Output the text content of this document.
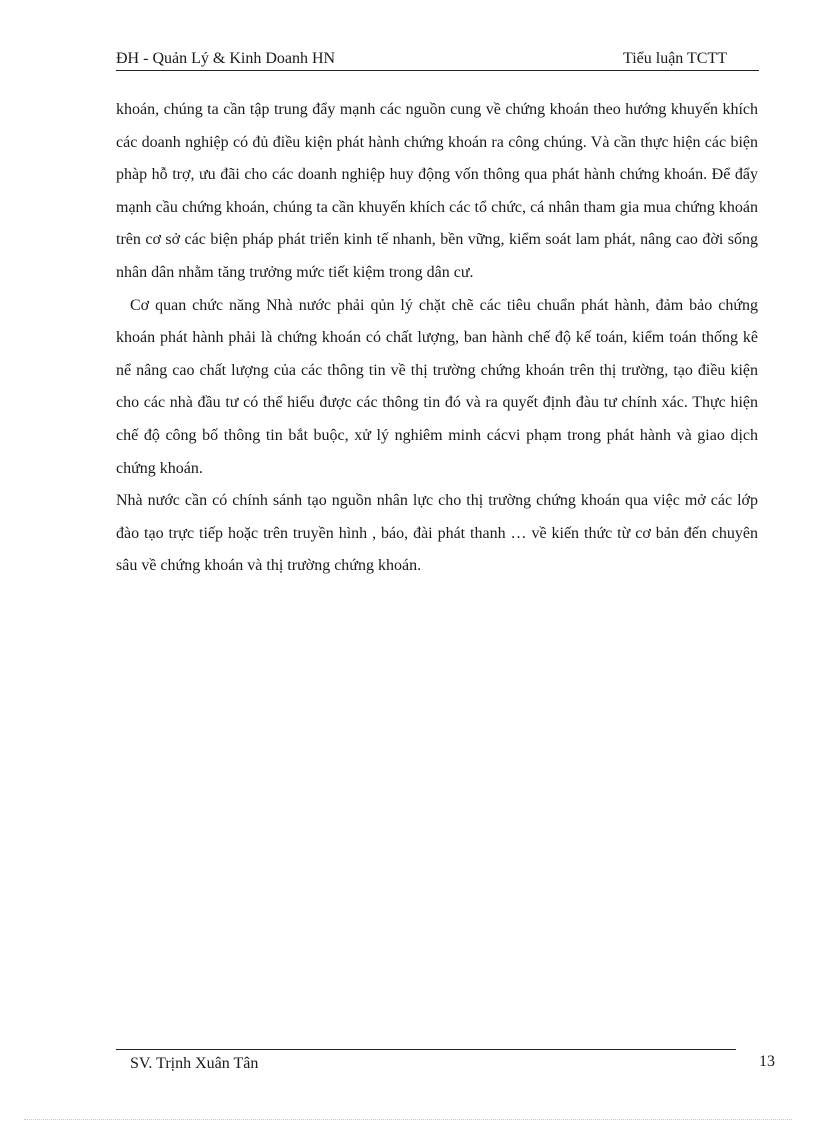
ĐH - Quản Lý & Kinh Doanh HN	Tiểu luận TCTT

khoán, chúng ta cần tập trung đẩy mạnh các nguồn cung về chứng khoán theo hướng khuyến khích các doanh nghiệp có đủ điều kiện phát hành chứng khoán ra công chúng. Và cần thực hiện các biện phàp hỗ trợ, ưu đãi cho các doanh nghiệp huy động vốn thông qua phát hành chứng khoán. Để đẩy mạnh cầu chứng khoán, chúng ta cần khuyến khích các tổ chức, cá nhân tham gia mua chứng khoán trên cơ sở các biện pháp phát triển kinh tế nhanh, bền vững, kiểm soát lam phát, nâng cao đời sống nhân dân nhằm tăng trưởng mức tiết kiệm trong dân cư.

Cơ quan chức năng Nhà nước phải qủn lý chặt chẽ các tiêu chuẩn phát hành, đảm bảo chứng khoán phát hành phải là chứng khoán có chất lượng, ban hành chế độ kế toán, kiểm toán thống kê nể nâng cao chất lượng của các thông tin về thị trường chứng khoán trên thị trường, tạo điều kiện cho các nhà đầu tư có thể hiểu được các thông tin đó và ra quyết định đàu tư chính xác. Thực hiện chế độ công bố thông tin bắt buộc, xử lý nghiêm minh cácvi phạm trong phát hành và giao dịch chứng khoán.

Nhà nước cần có chính sánh tạo nguồn nhân lực cho thị trường chứng khoán qua việc mở các lớp đào tạo trực tiếp hoặc trên truyền hình , báo, đài phát thanh … về kiến thức từ cơ bản đến chuyên sâu về chứng khoán và thị trường chứng khoán.

SV. Trịnh Xuân Tân	13
